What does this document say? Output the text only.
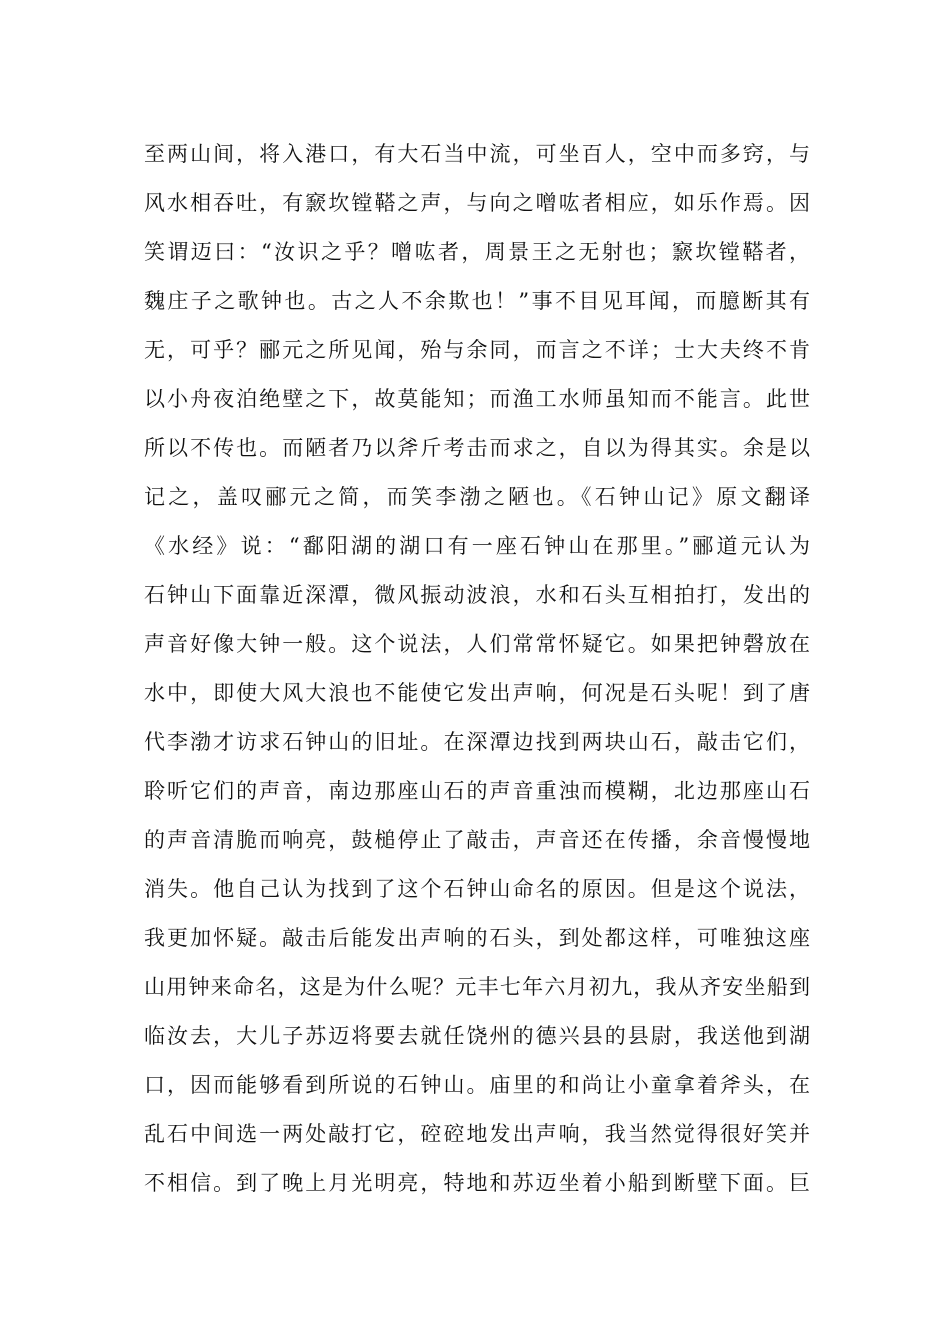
至两山间，将入港口，有大石当中流，可坐百人，空中而多窍，与
风水相吞吐，有窾坎镗鞳之声，与向之噌吰者相应，如乐作焉。因
笑谓迈曰：“汝识之乎？噌吰者，周景王之无射也；窾坎镗鞳者，
魏庄子之歌钟也。古之人不余欺也！”事不目见耳闻，而臆断其有
无，可乎？郦元之所见闻，殆与余同，而言之不详；士大夫终不肯
以小舟夜泊绝壁之下，故莫能知；而渔工水师虽知而不能言。此世
所以不传也。而陋者乃以斧斤考击而求之，自以为得其实。余是以
记之，盖叹郦元之简，而笑李渤之陋也。《石钟山记》原文翻译
《水经》说：“鄱阳湖的湖口有一座石钟山在那里。”郦道元认为
石钟山下面靠近深潭，微风振动波浪，水和石头互相拍打，发出的
声音好像大钟一般。这个说法，人们常常怀疑它。如果把钟磬放在
水中，即使大风大浪也不能使它发出声响，何况是石头呢！到了唐
代李渤才访求石钟山的旧址。在深潭边找到两块山石，敲击它们，
聆听它们的声音，南边那座山石的声音重浊而模糊，北边那座山石
的声音清脆而响亮，鼓槌停止了敲击，声音还在传播，余音慢慢地
消失。他自己认为找到了这个石钟山命名的原因。但是这个说法，
我更加怀疑。敲击后能发出声响的石头，到处都这样，可唯独这座
山用钟来命名，这是为什么呢？元丰七年六月初九，我从齐安坐船到
临汝去，大儿子苏迈将要去就任饶州的德兴县的县尉，我送他到湖
口，因而能够看到所说的石钟山。庙里的和尚让小童拿着斧头，在
乱石中间选一两处敲打它，硿硿地发出声响，我当然觉得很好笑并
不相信。到了晚上月光明亮，特地和苏迈坐着小船到断壁下面。巨
